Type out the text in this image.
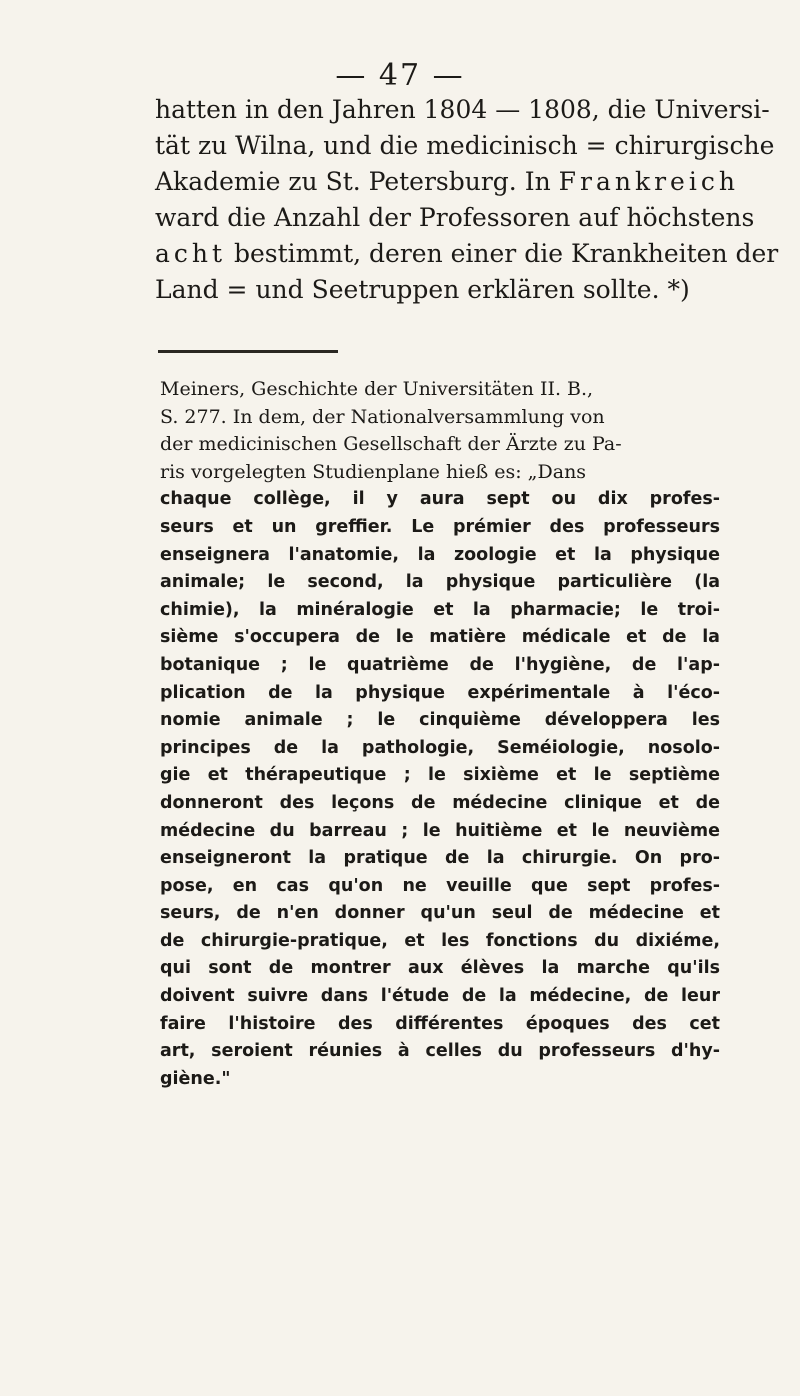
— 47 —
hatten in den Jahren 1804 — 1808, die Universi-
tät zu Wilna, und die medicinisch = chirurgische
Akademie zu St. Petersburg. In Frankreich
ward die Anzahl der Professoren auf höchstens
acht bestimmt, deren einer die Krankheiten der
Land = und Seetruppen erklären sollte. *)
Meiners, Geschichte der Universitäten II. B.,
S. 277. In dem, der Nationalversammlung von
der medicinischen Gesellschaft der Ärzte zu Pa-
ris vorgelegten Studienplane hieß es: „Dans
chaque collège, il y aura sept ou dix profes-
seurs et un greffier. Le prémier des professeurs
enseignera l'anatomie, la zoologie et la physique
animale; le second, la physique particulière (la
chimie), la minéralogie et la pharmacie; le troi-
sième s'occupera de le matière médicale et de la
botanique ; le quatrième de l'hygiène, de l'ap-
plication de la physique expérimentale à l'éco-
nomie animale ; le cinquième développera les
principes de la pathologie, Seméiologie, nosolo-
gie et thérapeutique ; le sixième et le septième
donneront des leçons de médecine clinique et de
médecine du barreau ; le huitième et le neuvième
enseigneront la pratique de la chirurgie. On pro-
pose, en cas qu'on ne veuille que sept profes-
seurs, de n'en donner qu'un seul de médecine et
de chirurgie-pratique, et les fonctions du dixiéme,
qui sont de montrer aux élèves la marche qu'ils
doivent suivre dans l'étude de la médecine, de leur
faire l'histoire des différentes époques des cet
art, seroient réunies à celles du professeurs d'hy-
giène."
